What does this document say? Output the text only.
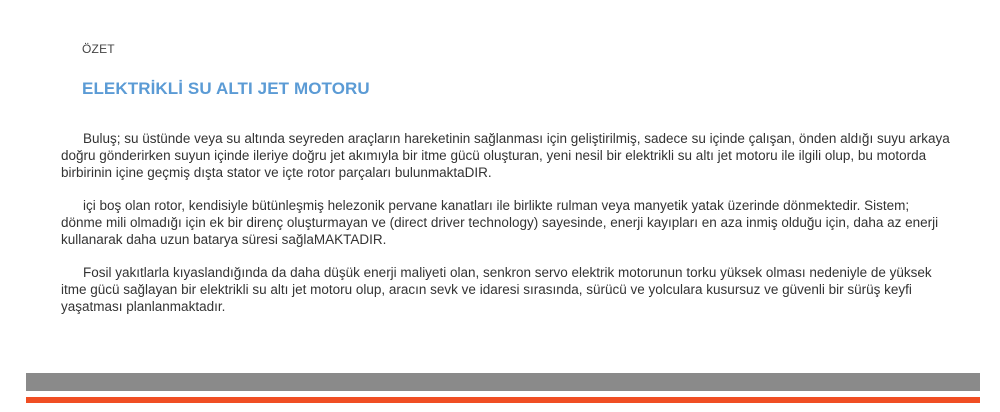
ÖZET
ELEKTRİKLİ SU ALTI JET MOTORU

Buluş; su üstünde veya su altında seyreden araçların hareketinin sağlanması için geliştirilmiş, sadece su içinde çalışan, önden aldığı suyu arkaya doğru gönderirken suyun içinde ileriye doğru jet akımıyla bir itme gücü oluşturan, yeni nesil bir elektrikli su altı jet motoru ile ilgili olup, bu motorda birbirinin içine geçmiş dışta stator ve içte rotor parçaları bulunmaktaDIR.

içi boş olan rotor, kendisiyle bütünleşmiş helezonik pervane kanatları ile birlikte rulman veya manyetik yatak üzerinde dönmektedir. Sistem; dönme mili olmadığı için ek bir direnç oluşturmayan ve (direct driver technology) sayesinde, enerji kayıpları en aza inmiş olduğu için, daha az enerji kullanarak daha uzun batarya süresi sağlaMAKTADIR.

Fosil yakıtlarla kıyaslandığında da daha düşük enerji maliyeti olan, senkron servo elektrik motorunun torku yüksek olması nedeniyle de yüksek itme gücü sağlayan bir elektrikli su altı jet motoru olup, aracın sevk ve idaresi sırasında, sürücü ve yolculara kusursuz ve güvenli bir sürüş keyfi yaşatması planlanmaktadır.
